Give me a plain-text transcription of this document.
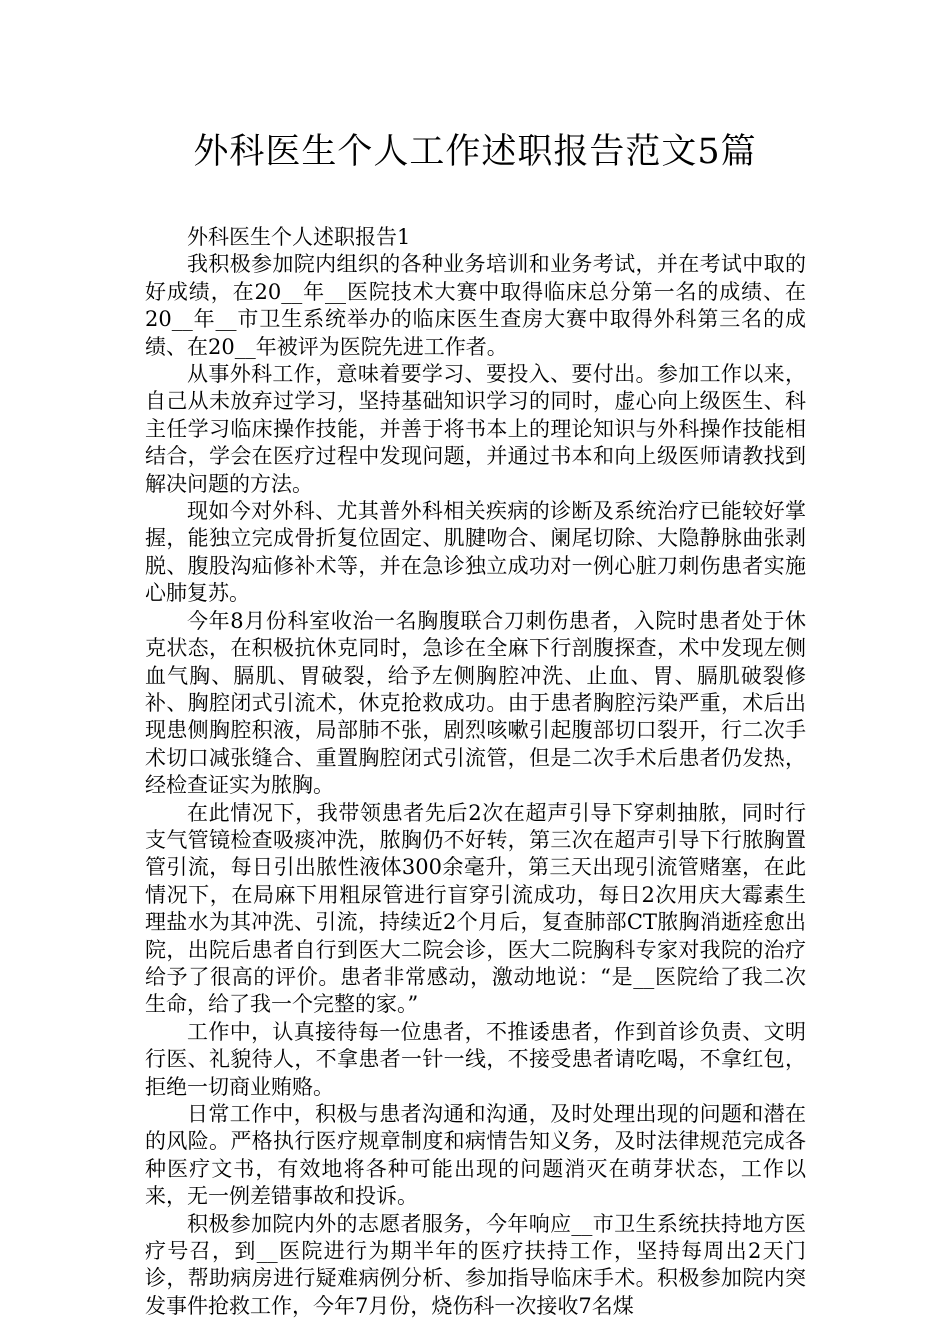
外科医生个人工作述职报告范文5篇

外科医生个人述职报告1

我积极参加院内组织的各种业务培训和业务考试，并在考试中取的好成绩，在20__年__医院技术大赛中取得临床总分第一名的成绩、在20__年__市卫生系统举办的临床医生查房大赛中取得外科第三名的成绩、在20__年被评为医院先进工作者。

从事外科工作，意味着要学习、要投入、要付出。参加工作以来，自己从未放弃过学习，坚持基础知识学习的同时，虚心向上级医生、科主任学习临床操作技能，并善于将书本上的理论知识与外科操作技能相结合，学会在医疗过程中发现问题，并通过书本和向上级医师请教找到解决问题的方法。

现如今对外科、尤其普外科相关疾病的诊断及系统治疗已能较好掌握，能独立完成骨折复位固定、肌腱吻合、阑尾切除、大隐静脉曲张剥脱、腹股沟疝修补术等，并在急诊独立成功对一例心脏刀刺伤患者实施心肺复苏。

今年8月份科室收治一名胸腹联合刀刺伤患者，入院时患者处于休克状态，在积极抗休克同时，急诊在全麻下行剖腹探查，术中发现左侧血气胸、膈肌、胃破裂，给予左侧胸腔冲洗、止血、胃、膈肌破裂修补、胸腔闭式引流术，休克抢救成功。由于患者胸腔污染严重，术后出现患侧胸腔积液，局部肺不张，剧烈咳嗽引起腹部切口裂开，行二次手术切口减张缝合、重置胸腔闭式引流管，但是二次手术后患者仍发热，经检查证实为脓胸。

在此情况下，我带领患者先后2次在超声引导下穿刺抽脓，同时行支气管镜检查吸痰冲洗，脓胸仍不好转，第三次在超声引导下行脓胸置管引流，每日引出脓性液体300余毫升，第三天出现引流管赌塞，在此情况下，在局麻下用粗尿管进行盲穿引流成功，每日2次用庆大霉素生理盐水为其冲洗、引流，持续近2个月后，复查肺部CT脓胸消逝痊愈出院，出院后患者自行到医大二院会诊，医大二院胸科专家对我院的治疗给予了很高的评价。患者非常感动，激动地说：“是__医院给了我二次生命，给了我一个完整的家。”

工作中，认真接待每一位患者，不推诿患者，作到首诊负责、文明行医、礼貌待人，不拿患者一针一线，不接受患者请吃喝，不拿红包，拒绝一切商业贿赂。

日常工作中，积极与患者沟通和沟通，及时处理出现的问题和潜在的风险。严格执行医疗规章制度和病情告知义务，及时法律规范完成各种医疗文书，有效地将各种可能出现的问题消灭在萌芽状态，工作以来，无一例差错事故和投诉。

积极参加院内外的志愿者服务，今年响应__市卫生系统扶持地方医疗号召，到__医院进行为期半年的医疗扶持工作，坚持每周出2天门诊，帮助病房进行疑难病例分析、参加指导临床手术。积极参加院内突发事件抢救工作，今年7月份，烧伤科一次接收7名煤
